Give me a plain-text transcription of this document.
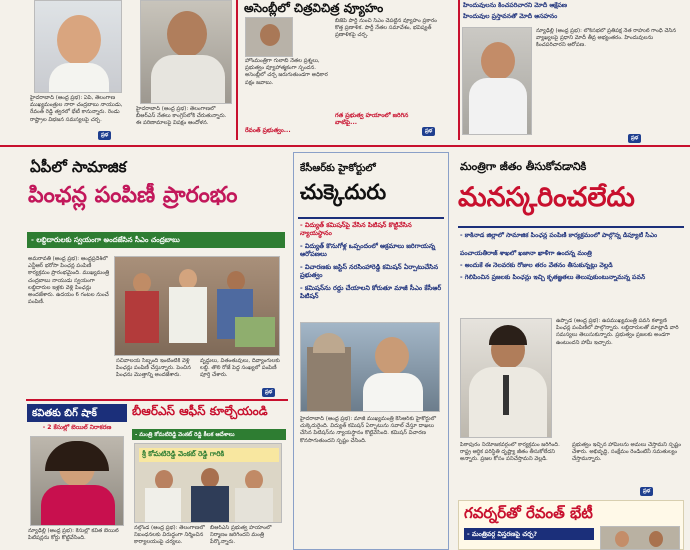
హైదరాబాద్ (ఆంధ్ర ప్రభ): ఏపీ, తెలంగాణ ముఖ్యమంత్రుల నారా చంద్రబాబు నాయుడు, రేవంత్ రెడ్డి త్వరలో భేటీ కానున్నారు. రెండు రాష్ట్రాల విభజన సమస్యలపై చర్చ.
ప్రభ
హైదరాబాద్ (ఆంధ్ర ప్రభ): తెలంగాణలో బీఆర్ఎస్ నేతలు కాంగ్రెస్‌లోకి చేరుతున్నారు. ఈ పరిణామాలపై విపక్షం ఆందోళన.
అసెంబ్లీలో చిత్రవిచిత్ర వ్యూహం
హోంమంత్రిగా గులాబీ నేతల ప్రశ్నలు, ప్రభుత్వం వ్యూహాత్మకంగా స్పందన. అసెంబ్లీలో చర్చ జరుగుతుండగా అధికార పక్షం జవాబు.
రేవంత్ ప్రభుత్వం...
బీజేపీ పార్టీ నుంచి సీఎం చేపట్టిన వ్యూహం ప్రకారం కొత్త ప్రణాళిక. పార్టీ నేతల సమావేశం, భవిష్యత్ ప్రణాళికపై చర్చ.
గత ప్రభుత్వ హయాంలో జరిగిన వాటిపై...
ప్రభ
హిందువులను కించపరిచారని మోదీ ఆక్షేపణ
హిందువుల ప్రస్తావనతో మోదీ అసహనం
న్యూఢిల్లీ (ఆంధ్ర ప్రభ): లోక్‌సభలో ప్రతిపక్ష నేత రాహుల్ గాంధీ చేసిన వ్యాఖ్యలపై ప్రధాని మోదీ తీవ్ర అభ్యంతరం. హిందువులను కించపరిచారని ఆరోపణ.
ప్రభ
ఏపీలో సామాజిక
పింఛన్ల పంపిణీ ప్రారంభం
- లబ్దిదారులకు స్వయంగా అందజేసిన సీఎం చంద్రబాబు
అమరావతి (ఆంధ్ర ప్రభ): ఆంధ్రప్రదేశ్‌లో ఎన్టీఆర్ భరోసా పింఛన్ల పంపిణీ కార్యక్రమం ప్రారంభమైంది. ముఖ్యమంత్రి చంద్రబాబు నాయుడు స్వయంగా లబ్దిదారుల ఇళ్లకు వెళ్లి పింఛన్లు అందజేశారు. ఉదయం 6 గంటల నుంచే పంపిణీ.
సచివాలయ సిబ్బంది ఇంటింటికి వెళ్లి పింఛన్లు పంపిణీ చేస్తున్నారు. పెంచిన పింఛను మొత్తాన్ని అందజేశారు.
వృద్ధులు, వితంతువులు, దివ్యాంగులకు లబ్ది. తొలి రోజే పెద్ద సంఖ్యలో పంపిణీ పూర్తి చేశారు.
ప్రభ
కవితకు బిగ్ షాక్
- 2 కేసుల్లో బెయిల్ నిరాకరణ
న్యూఢిల్లీ (ఆంధ్ర ప్రభ): కేసుల్లో కవిత బెయిల్ పిటిషన్లను కోర్టు కొట్టివేసింది.
బీఆర్ఎస్ ఆఫీస్ కూల్చేయండి
- మంత్రి కోమటిరెడ్డి వెంకట్ రెడ్డి కీలక ఆదేశాలు
శ్రీ కోమటిరెడ్డి వెంకట్ రెడ్డి గారికి
నల్గొండ (ఆంధ్ర ప్రభ): తెలంగాణలో నిబంధనలకు విరుద్ధంగా నిర్మించిన కార్యాలయంపై చర్యలు.
బీఆర్ఎస్ ప్రభుత్వ హయాంలో నిర్మాణం జరిగిందని మంత్రి పేర్కొన్నారు.
కేసీఆర్‌కు హైకోర్టులో
చుక్కెదురు
- విద్యుత్ కమిషన్‌పై వేసిన పిటిషన్ కొట్టివేసిన న్యాయస్థానం
- విద్యుత్ కొనుగోళ్ల ఒప్పందంలో అక్రమాలు జరిగాయన్న ఆరోపణలు
- విచారణకు జస్టిస్ నరసింహారెడ్డి కమిషన్ ఏర్పాటుచేసిన ప్రభుత్వం
- కమిషన్‌ను రద్దు చేయాలని కోరుతూ మాజీ సీఎం కేసీఆర్ పిటిషన్
హైదరాబాద్ (ఆంధ్ర ప్రభ): మాజీ ముఖ్యమంత్రి కేసీఆర్‌కు హైకోర్టులో చుక్కెదురైంది. విద్యుత్ కమిషన్ ఏర్పాటును సవాల్ చేస్తూ దాఖలు చేసిన పిటిషన్‌ను న్యాయస్థానం కొట్టివేసింది. కమిషన్ విచారణ కొనసాగుతుందని స్పష్టం చేసింది.
మంత్రిగా జీతం తీసుకోవడానికి
మనస్కరించలేదు
- కాకినాడ జిల్లాలో సామాజిక పింఛన్ల పంపిణీ కార్యక్రమంలో పాల్గొన్న డిప్యూటీ సీఎం
పంచాయతీరాజ్ శాఖలో ఖజానా ఖాళీగా ఉందన్న మంత్రి
- అందుకే ఈ నెలవరకు రోజుల తరం వేతనం తీసుకున్నట్లు వెల్లడి
- గెలిపించిన ప్రజలకు పింఛన్లు ఇచ్చి కృతజ్ఞతలు తెలుపుకుంటున్నామన్న పవన్
ఉప్పాడ (ఆంధ్ర ప్రభ): ఉపముఖ్యమంత్రి పవన్ కళ్యాణ్ పింఛన్ల పంపిణీలో పాల్గొన్నారు. లబ్దిదారులతో మాట్లాడి వారి సమస్యలు తెలుసుకున్నారు. ప్రభుత్వం ప్రజలకు అండగా ఉంటుందని హామీ ఇచ్చారు.
పిఠాపురం నియోజకవర్గంలో కార్యక్రమం జరిగింది. రాష్ట్ర ఆర్థిక పరిస్థితి దృష్ట్యా జీతం తీసుకోలేదని అన్నారు. ప్రజల కోసం పనిచేస్తామని వెల్లడి.
ప్రభుత్వం ఇచ్చిన హామీలను అమలు చేస్తామని స్పష్టం చేశారు. అభివృద్ధి, సంక్షేమం రెండింటినీ సమతుల్యం చేస్తామన్నారు.
ప్రభ
గవర్నర్‌తో రేవంత్ భేటీ
- మంత్రివర్గ విస్తరణపై చర్చ?
